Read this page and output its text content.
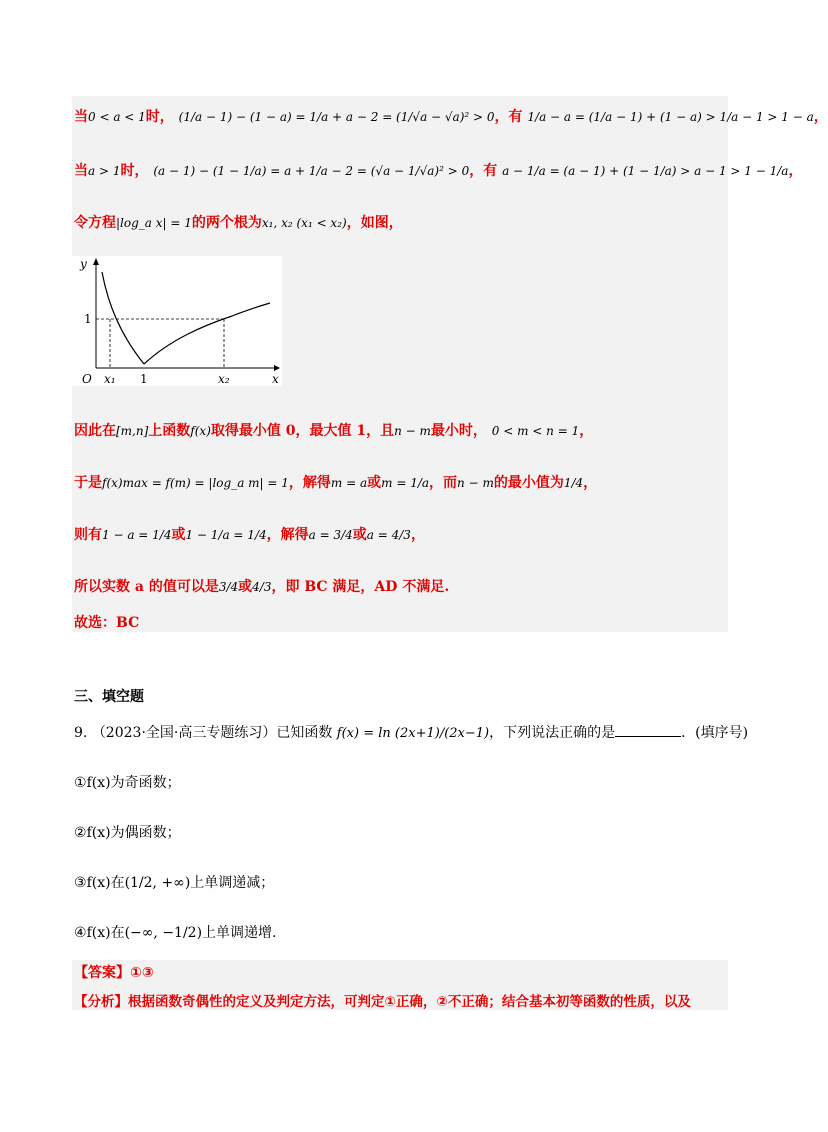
当0 < a < 1时， (1/a − 1) − (1 − a) = 1/a + a − 2 = (1/√a − √a)² > 0，有 1/a − a = (1/a − 1) + (1 − a) > 1/a − 1 > 1 − a，
当a > 1时， (a − 1) − (1 − 1/a) = a + 1/a − 2 = (√a − 1/√a)² > 0，有 a − 1/a = (a − 1) + (1 − 1/a) > a − 1 > 1 − 1/a，
令方程|log_a x| = 1的两个根为x₁, x₂ (x₁ < x₂)，如图，
y
x
O
1
x₁ 1	x₂
因此在[m,n]上函数f(x)取得最小值 0，最大值 1，且n − m最小时， 0 < m < n = 1，
于是f(x)max = f(m) = |log_a m| = 1，解得m = a或m = 1/a，而n − m的最小值为1/4，
则有1 − a = 1/4或1 − 1/a = 1/4，解得a = 3/4或a = 4/3，
所以实数 a 的值可以是3/4或4/3，即 BC 满足，AD 不满足.
故选：BC
三、填空题
9. （2023·全国·高三专题练习）已知函数 f(x) = ln (2x+1)/(2x−1)，下列说法正确的是	．(填序号)
①f(x)为奇函数；
②f(x)为偶函数；
③f(x)在(1/2, +∞)上单调递减；
④f(x)在(−∞, −1/2)上单调递增.
【答案】①③
【分析】根据函数奇偶性的定义及判定方法，可判定①正确，②不正确；结合基本初等函数的性质，以及
